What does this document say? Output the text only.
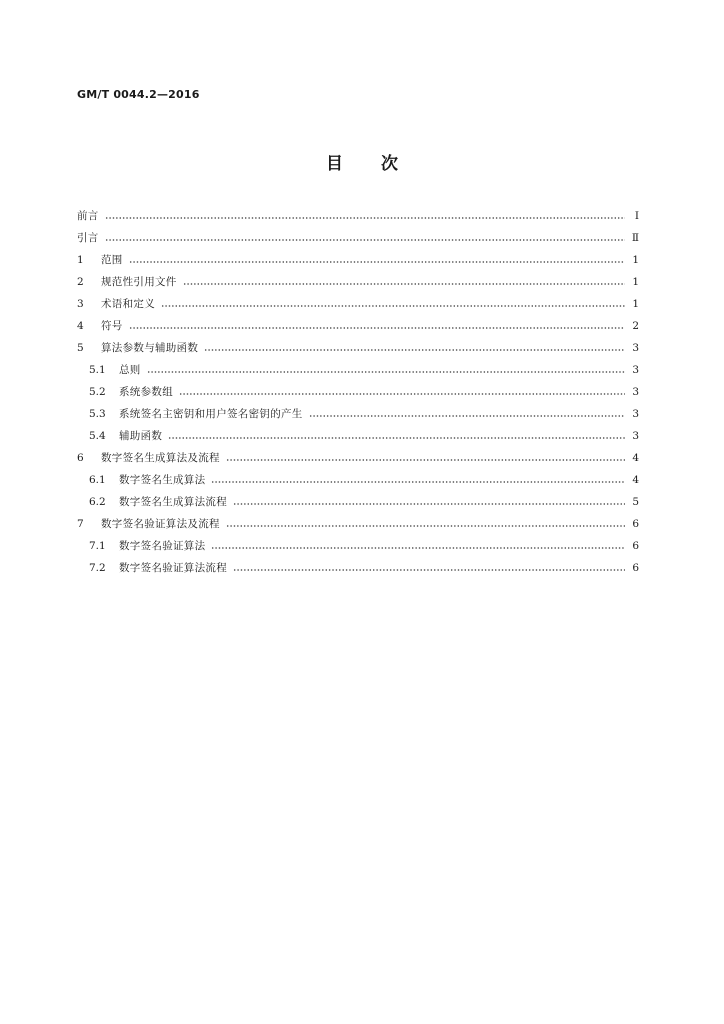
GM/T 0044.2—2016
目 次
前言	Ⅰ
引言	Ⅱ
1	范围	1
2	规范性引用文件	1
3	术语和定义	1
4	符号	2
5	算法参数与辅助函数	3
5.1	总则	3
5.2	系统参数组	3
5.3	系统签名主密钥和用户签名密钥的产生	3
5.4	辅助函数	3
6	数字签名生成算法及流程	4
6.1	数字签名生成算法	4
6.2	数字签名生成算法流程	5
7	数字签名验证算法及流程	6
7.1	数字签名验证算法	6
7.2	数字签名验证算法流程	6
